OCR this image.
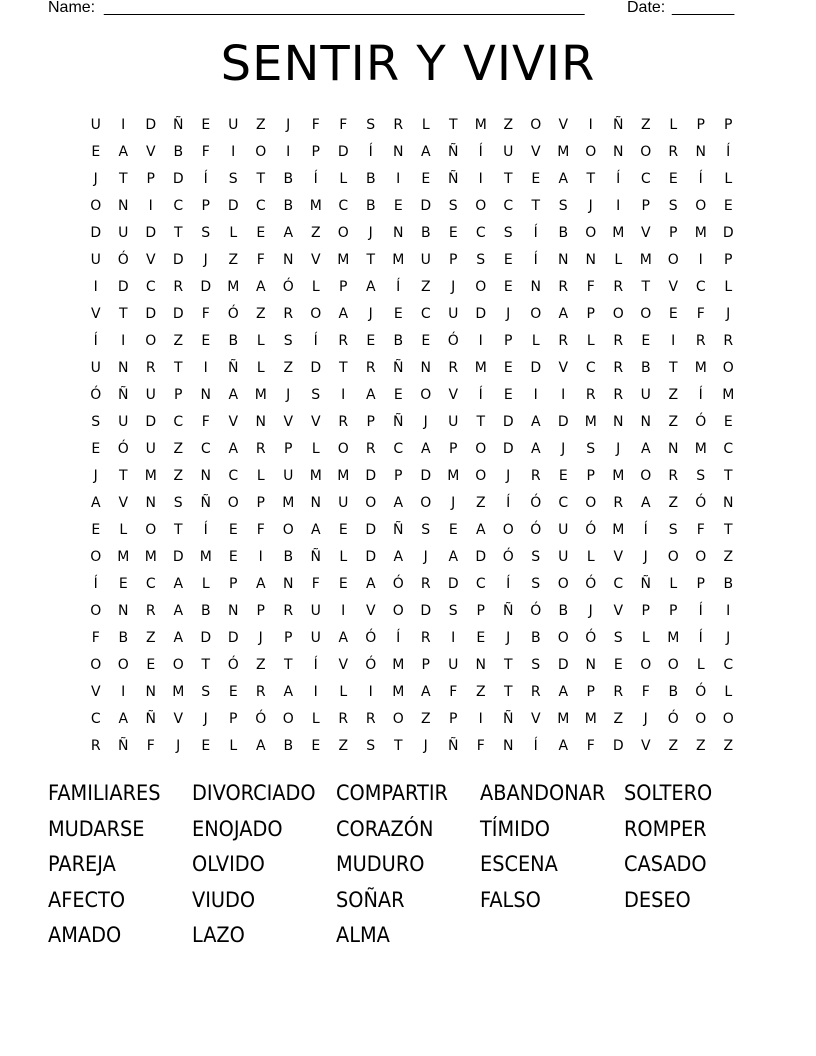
Name: ______________________________________________________	Date: _______
SENTIR Y VIVIR
U	I	D	Ñ	E	U	Z	J	F	F	S	R	L	T	M	Z	O	V	I	Ñ	Z	L	P	P
E	A	V	B	F	I	O	I	P	D	Í	N	A	Ñ	Í	U	V	M	O	N	O	R	N	Í
J	T	P	D	Í	S	T	B	Í	L	B	I	E	Ñ	I	T	E	A	T	Í	C	E	Í	L
O	N	I	C	P	D	C	B	M	C	B	E	D	S	O	C	T	S	J	I	P	S	O	E
D	U	D	T	S	L	E	A	Z	O	J	N	B	E	C	S	Í	B	O	M	V	P	M	D
U	Ó	V	D	J	Z	F	N	V	M	T	M	U	P	S	E	Í	N	N	L	M	O	I	P
I	D	C	R	D	M	A	Ó	L	P	A	Í	Z	J	O	E	N	R	F	R	T	V	C	L
V	T	D	D	F	Ó	Z	R	O	A	J	E	C	U	D	J	O	A	P	O	O	E	F	J
Í	I	O	Z	E	B	L	S	Í	R	E	B	E	Ó	I	P	L	R	L	R	E	I	R	R
U	N	R	T	I	Ñ	L	Z	D	T	R	Ñ	N	R	M	E	D	V	C	R	B	T	M	O
Ó	Ñ	U	P	N	A	M	J	S	I	A	E	O	V	Í	E	I	I	R	R	U	Z	Í	M
S	U	D	C	F	V	N	V	V	R	P	Ñ	J	U	T	D	A	D	M	N	N	Z	Ó	E
E	Ó	U	Z	C	A	R	P	L	O	R	C	A	P	O	D	A	J	S	J	A	N	M	C
J	T	M	Z	N	C	L	U	M	M	D	P	D	M	O	J	R	E	P	M	O	R	S	T
A	V	N	S	Ñ	O	P	M	N	U	O	A	O	J	Z	Í	Ó	C	O	R	A	Z	Ó	N
E	L	O	T	Í	E	F	O	A	E	D	Ñ	S	E	A	O	Ó	U	Ó	M	Í	S	F	T
O	M	M	D	M	E	I	B	Ñ	L	D	A	J	A	D	Ó	S	U	L	V	J	O	O	Z
Í	E	C	A	L	P	A	N	F	E	A	Ó	R	D	C	Í	S	O	Ó	C	Ñ	L	P	B
O	N	R	A	B	N	P	R	U	I	V	O	D	S	P	Ñ	Ó	B	J	V	P	P	Í	I
F	B	Z	A	D	D	J	P	U	A	Ó	Í	R	I	E	J	B	O	Ó	S	L	M	Í	J
O	O	E	O	T	Ó	Z	T	Í	V	Ó	M	P	U	N	T	S	D	N	E	O	O	L	C
V	I	N	M	S	E	R	A	I	L	I	M	A	F	Z	T	R	A	P	R	F	B	Ó	L
C	A	Ñ	V	J	P	Ó	O	L	R	R	O	Z	P	I	Ñ	V	M	M	Z	J	Ó	O	O
R	Ñ	F	J	E	L	A	B	E	Z	S	T	J	Ñ	F	N	Í	A	F	D	V	Z	Z	Z
FAMILIARES	DIVORCIADO COMPARTIR	ABANDONAR SOLTERO
MUDARSE	ENOJADO	CORAZÓN	TÍMIDO	ROMPER
PAREJA	OLVIDO	MUDURO	ESCENA	CASADO
AFECTO	VIUDO	SOÑAR	FALSO	DESEO
AMADO	LAZO	ALMA
